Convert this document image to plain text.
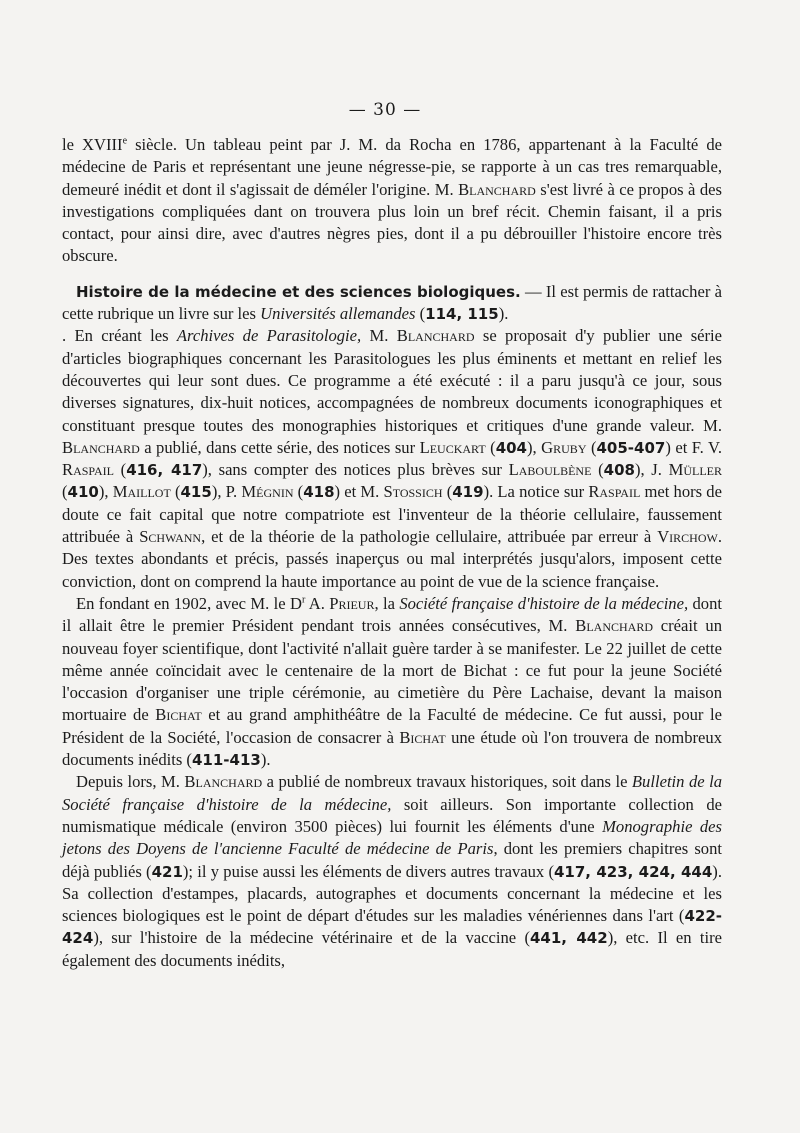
— 30 —

le XVIIIe siècle. Un tableau peint par J. M. da Rocha en 1786, appartenant à la Faculté de médecine de Paris et représentant une jeune négresse-pie, se rapporte à un cas tres remarquable, demeuré inédit et dont il s'agissait de déméler l'origine. M. Blanchard s'est livré à ce propos à des investigations compliquées dant on trouvera plus loin un bref récit. Chemin faisant, il a pris contact, pour ainsi dire, avec d'autres nègres pies, dont il a pu débrouiller l'histoire encore très obscure.

Histoire de la médecine et des sciences biologiques. — Il est permis de rattacher à cette rubrique un livre sur les Universités allemandes (114, 115).

. En créant les Archives de Parasitologie, M. Blanchard se proposait d'y publier une série d'articles biographiques concernant les Parasitologues les plus éminents et mettant en relief les découvertes qui leur sont dues. Ce programme a été exécuté : il a paru jusqu'à ce jour, sous diverses signatures, dix-huit notices, accompagnées de nombreux documents iconographiques et constituant presque toutes des monographies historiques et critiques d'une grande valeur. M. Blanchard a publié, dans cette série, des notices sur Leuckart (404), Gruby (405-407) et F. V. Raspail (416, 417), sans compter des notices plus brèves sur Laboulbène (408), J. Müller (410), Maillot (415), P. Mégnin (418) et M. Stossich (419). La notice sur Raspail met hors de doute ce fait capital que notre compatriote est l'inventeur de la théorie cellulaire, faussement attribuée à Schwann, et de la théorie de la pathologie cellulaire, attribuée par erreur à Virchow. Des textes abondants et précis, passés inaperçus ou mal interprétés jusqu'alors, imposent cette conviction, dont on comprend la haute importance au point de vue de la science française.

En fondant en 1902, avec M. le $D^r$ A. Prieur, la Société française d'histoire de la médecine, dont il allait être le premier Président pendant trois années consécutives, M. Blanchard créait un nouveau foyer scientifique, dont l'activité n'allait guère tarder à se manifester. Le 22 juillet de cette même année coïncidait avec le centenaire de la mort de Bichat : ce fut pour la jeune Société l'occasion d'organiser une triple cérémonie, au cimetière du Père Lachaise, devant la maison mortuaire de Bichat et au grand amphithéâtre de la Faculté de médecine. Ce fut aussi, pour le Président de la Société, l'occasion de consacrer à Bichat une étude où l'on trouvera de nombreux documents inédits (411-413).

Depuis lors, M. Blanchard a publié de nombreux travaux historiques, soit dans le Bulletin de la Société française d'histoire de la médecine, soit ailleurs. Son importante collection de numismatique médicale (environ 3500 pièces) lui fournit les éléments d'une Monographie des jetons des Doyens de l'ancienne Faculté de médecine de Paris, dont les premiers chapitres sont déjà publiés (421); il y puise aussi les éléments de divers autres travaux (417, 423, 424, 444). Sa collection d'estampes, placards, autographes et documents concernant la médecine et les sciences biologiques est le point de départ d'études sur les maladies vénériennes dans l'art (422-424), sur l'histoire de la médecine vétérinaire et de la vaccine (441, 442), etc. Il en tire également des documents inédits,
